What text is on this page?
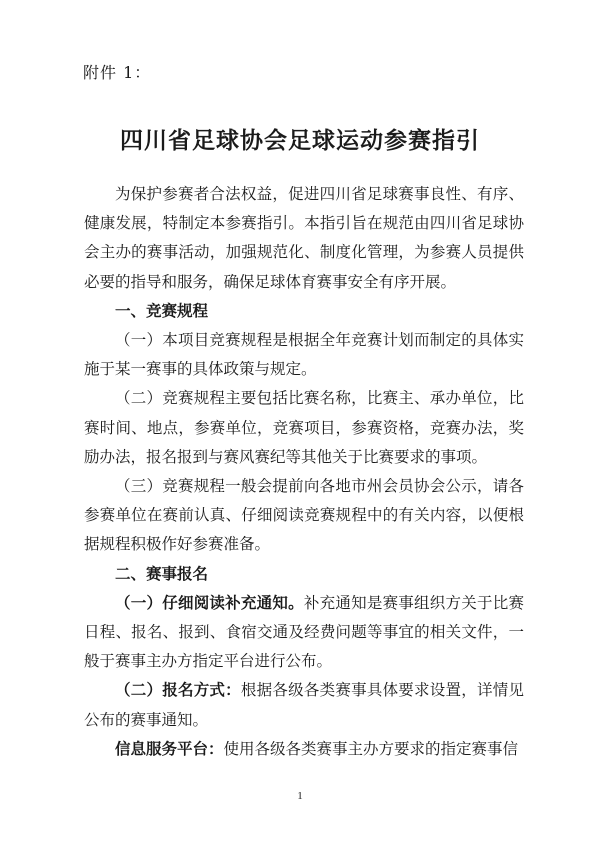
附件 1：
四川省足球协会足球运动参赛指引

为保护参赛者合法权益，促进四川省足球赛事良性、有序、健康发展，特制定本参赛指引。本指引旨在规范由四川省足球协会主办的赛事活动，加强规范化、制度化管理，为参赛人员提供必要的指导和服务，确保足球体育赛事安全有序开展。

一、竞赛规程

（一）本项目竞赛规程是根据全年竞赛计划而制定的具体实施于某一赛事的具体政策与规定。

（二）竞赛规程主要包括比赛名称，比赛主、承办单位，比赛时间、地点，参赛单位，竞赛项目，参赛资格，竞赛办法，奖励办法，报名报到与赛风赛纪等其他关于比赛要求的事项。

（三）竞赛规程一般会提前向各地市州会员协会公示，请各参赛单位在赛前认真、仔细阅读竞赛规程中的有关内容，以便根据规程积极作好参赛准备。

二、赛事报名

（一）仔细阅读补充通知。补充通知是赛事组织方关于比赛日程、报名、报到、食宿交通及经费问题等事宜的相关文件，一般于赛事主办方指定平台进行公布。

（二）报名方式：根据各级各类赛事具体要求设置，详情见公布的赛事通知。

信息服务平台：使用各级各类赛事主办方要求的指定赛事信

1
